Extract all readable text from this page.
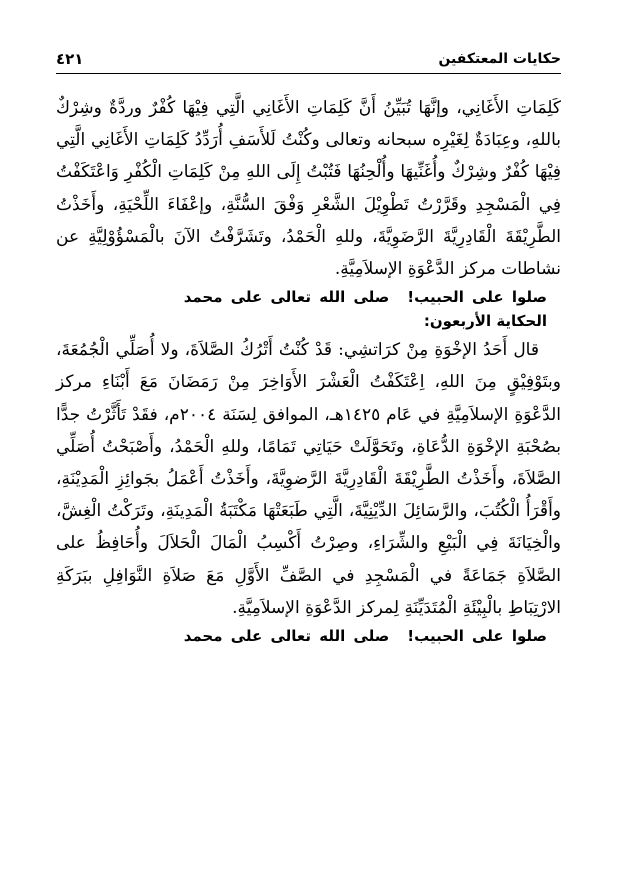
٤٢١	حكايات المعتكفين

كَلِمَاتِ الأَغَانِي، وإنَّهَا تُبَيِّنُ أَنَّ كَلِمَاتِ الأَغَانِي الَّتِي فِيْهَا كُفْرٌ وردَّةٌ وشِرْكٌ باللهِ، وعِبَادَةٌ لِغَيْرِه سبحانه وتعالى وكُنْتُ لَلأَسَفِ أُرَدِّدُ كَلِمَاتِ الأَغَانِي الَّتِي فِيْهَا كُفْرٌ وشِرْكٌ وأُغَنِّيهَا وأُلْحِنُهَا فَتُبْتُ إِلَى اللهِ مِنْ كَلِمَاتِ الْكُفْرِ وَاعْتَكَفْتُ فِي الْمَسْجِدِ وقَرَّرْتُ تَطْوِيْلَ الشَّعْرِ وَفْقَ السُّنَّةِ، وإعْفَاءَ اللِّحْيَةِ، وأَخَذْتُ الطَّرِيْقَةَ الْقَادِرِيَّةَ الرَّضَوِيَّةَ، وللهِ الْحَمْدُ، وتَشَرَّفْتُ الآنَ بالْمَسْؤُوْلِيَّةِ عن نشاطات مركز الدَّعْوَةِ الإسلاَمِيَّةِ.

صلوا على الحبيب!صلى الله تعالى على محمد
الحكاية الأربعون:

قال أَحَدُ الإخْوَةِ مِنْ كرَاتشِي: قَدْ كُنْتُ أَتْرُكُ الصَّلاَةَ، ولا أُصَلِّي الْجُمُعَةَ، وبتَوْفِيْقٍ مِنَ اللهِ، اِعْتَكَفْتُ الْعَشْرَ الأَوَاخِرَ مِنْ رَمَضَانَ مَعَ أَبْنَاءِ مركز الدَّعْوَةِ الإسلاَمِيَّةِ في عَام ١٤٢٥هـ، الموافق لِسَنَة ٢٠٠٤م، فقَدْ تَأَثَّرْتُ جدًّا بصُحْبَةِ الإخْوَةِ الدُّعَاةِ، وتَحَوَّلَتْ حَيَاتِي تَمَامًا، وللهِ الْحَمْدُ، وأَصْبَحْتُ أُصَلِّي الصَّلاَةَ، وأَخَذْتُ الطَّرِيْقَةَ الْقَادِرِيَّةَ الرَّضوِيَّةَ، وأَخَذْتُ أَعْمَلُ بجَوائِزِ الْمَدِيْنَةِ، وأَقْرَأُ الْكُتُبَ، والرَّسَائِلَ الدِّيْنِيَّةَ، الَّتِي طَبَعَتْهَا مَكْتَبَةُ الْمَدِينَةِ، وتَرَكْتُ الْغِشَّ، والْخِيَانَةَ فِي الْبَيْعِ والشِّرَاءِ، وصِرْتُ أَكْسِبُ الْمَالَ الْحَلاَلَ وأُحَافِظُ على الصَّلاَةِ جَمَاعَةً في الْمَسْجِدِ في الصَّفِّ الأَوَّلِ مَعَ صَلاَةِ النَّوَافِلِ ببَرَكَةِ الارْتِبَاطِ بالْبِيْئَةِ الْمُتَدَيِّنَةِ لِمركز الدَّعْوَةِ الإسلاَمِيَّةِ.

صلوا على الحبيب!صلى الله تعالى على محمد
